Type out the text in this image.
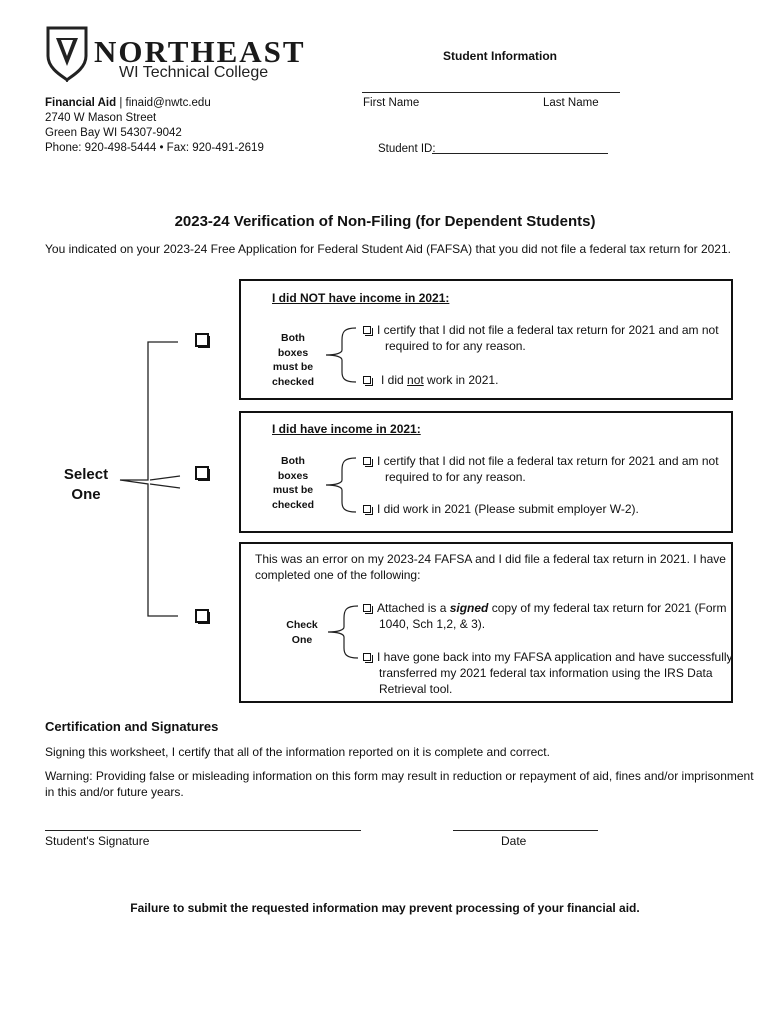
NORTHEAST
WI Technical College
Financial Aid | finaid@nwtc.edu
2740 W Mason Street
Green Bay WI 54307-9042
Phone: 920-498-5444 • Fax: 920-491-2619
Student Information
First Name	Last Name
Student ID:
2023-24 Verification of Non-Filing (for Dependent Students)
You indicated on your 2023-24 Free Application for Federal Student Aid (FAFSA) that you did not file a federal tax return for 2021.
Select
One
I did NOT have income in 2021:
Both
boxes
must be
checked
I certify that I did not file a federal tax return for 2021 and am not
required to for any reason.
I did not work in 2021.
I did have income in 2021:
Both
boxes
must be
checked
I certify that I did not file a federal tax return for 2021 and am not
required to for any reason.
I did work in 2021 (Please submit employer W-2).
This was an error on my 2023-24 FAFSA and I did file a federal tax return in 2021. I have
completed one of the following:
Check
One
Attached is a signed copy of my federal tax return for 2021 (Form
1040, Sch 1,2, & 3).
I have gone back into my FAFSA application and have successfully
transferred my 2021 federal tax information using the IRS Data
Retrieval tool.
Certification and Signatures
Signing this worksheet, I certify that all of the information reported on it is complete and correct.
Warning: Providing false or misleading information on this form may result in reduction or repayment of aid, fines and/or imprisonment
in this and/or future years.
Student's Signature	Date
Failure to submit the requested information may prevent processing of your financial aid.
